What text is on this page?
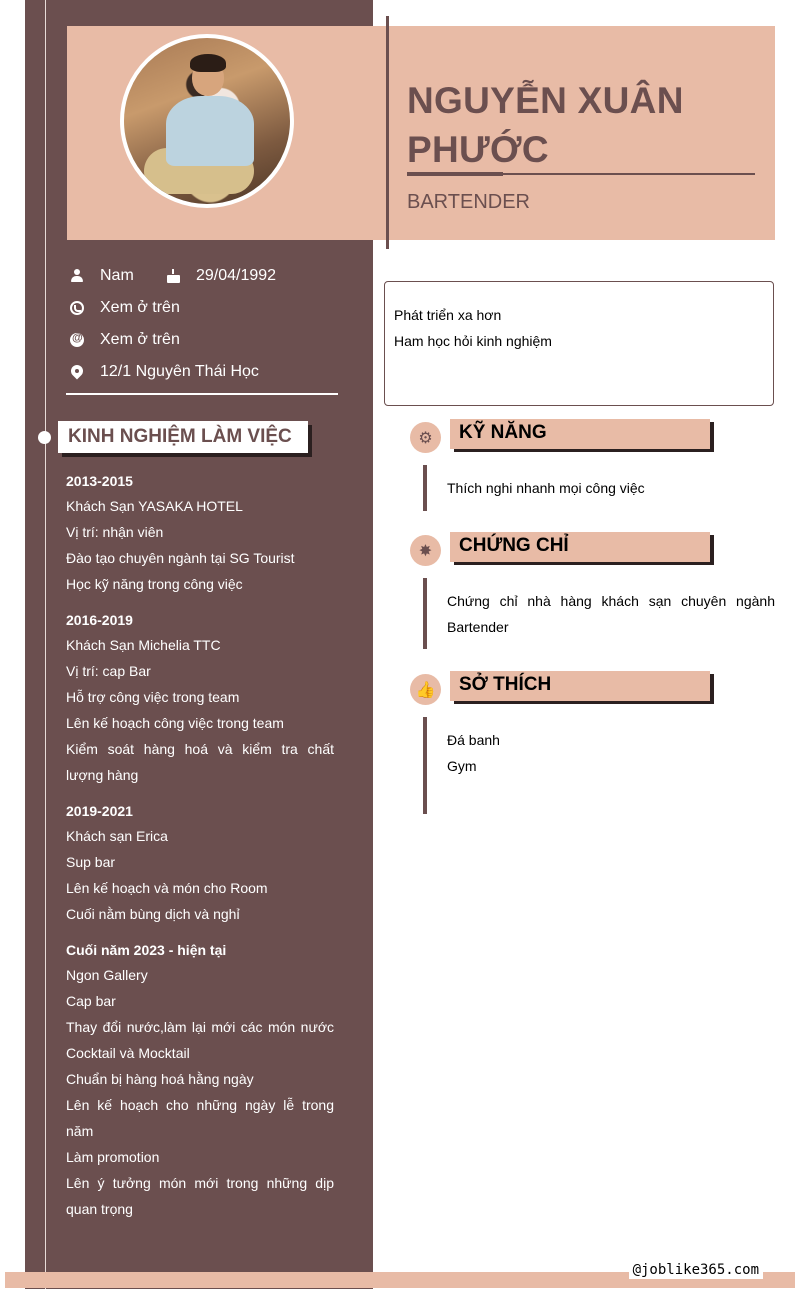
NGUYỄN XUÂN PHƯỚC
BARTENDER
Nam	29/04/1992
Xem ở trên
@
Xem ở trên
12/1 Nguyên Thái Học
KINH NGHIỆM LÀM VIỆC
2013-2015
Khách Sạn YASAKA HOTEL
Vị trí: nhận viên
Đào tạo chuyên ngành tại SG Tourist
Học kỹ năng trong công việc
2016-2019
Khách Sạn Michelia TTC
Vị trí: cap Bar
Hỗ trợ công việc trong team
Lên kế hoạch công việc trong team
Kiểm soát hàng hoá và kiểm tra chất lượng hàng
2019-2021
Khách sạn Erica
Sup bar
Lên kế hoạch và món cho Room
Cuối nằm bùng dịch và nghỉ
Cuối năm 2023 - hiện tại
Ngon Gallery
Cap bar
Thay đổi nước,làm lại mới các món nước Cocktail và Mocktail
Chuẩn bị hàng hoá hằng ngày
Lên kế hoạch cho những ngày lễ trong năm
Làm promotion
Lên ý tưởng món mới trong những dịp quan trọng
Phát triển xa hơn
Ham học hỏi kinh nghiệm
⚙	KỸ NĂNG
Thích nghi nhanh mọi công việc
✸	CHỨNG CHỈ
Chứng chỉ nhà hàng khách sạn chuyên ngành Bartender
👍 SỞ THÍCH
Đá banh
Gym
@joblike365.com
